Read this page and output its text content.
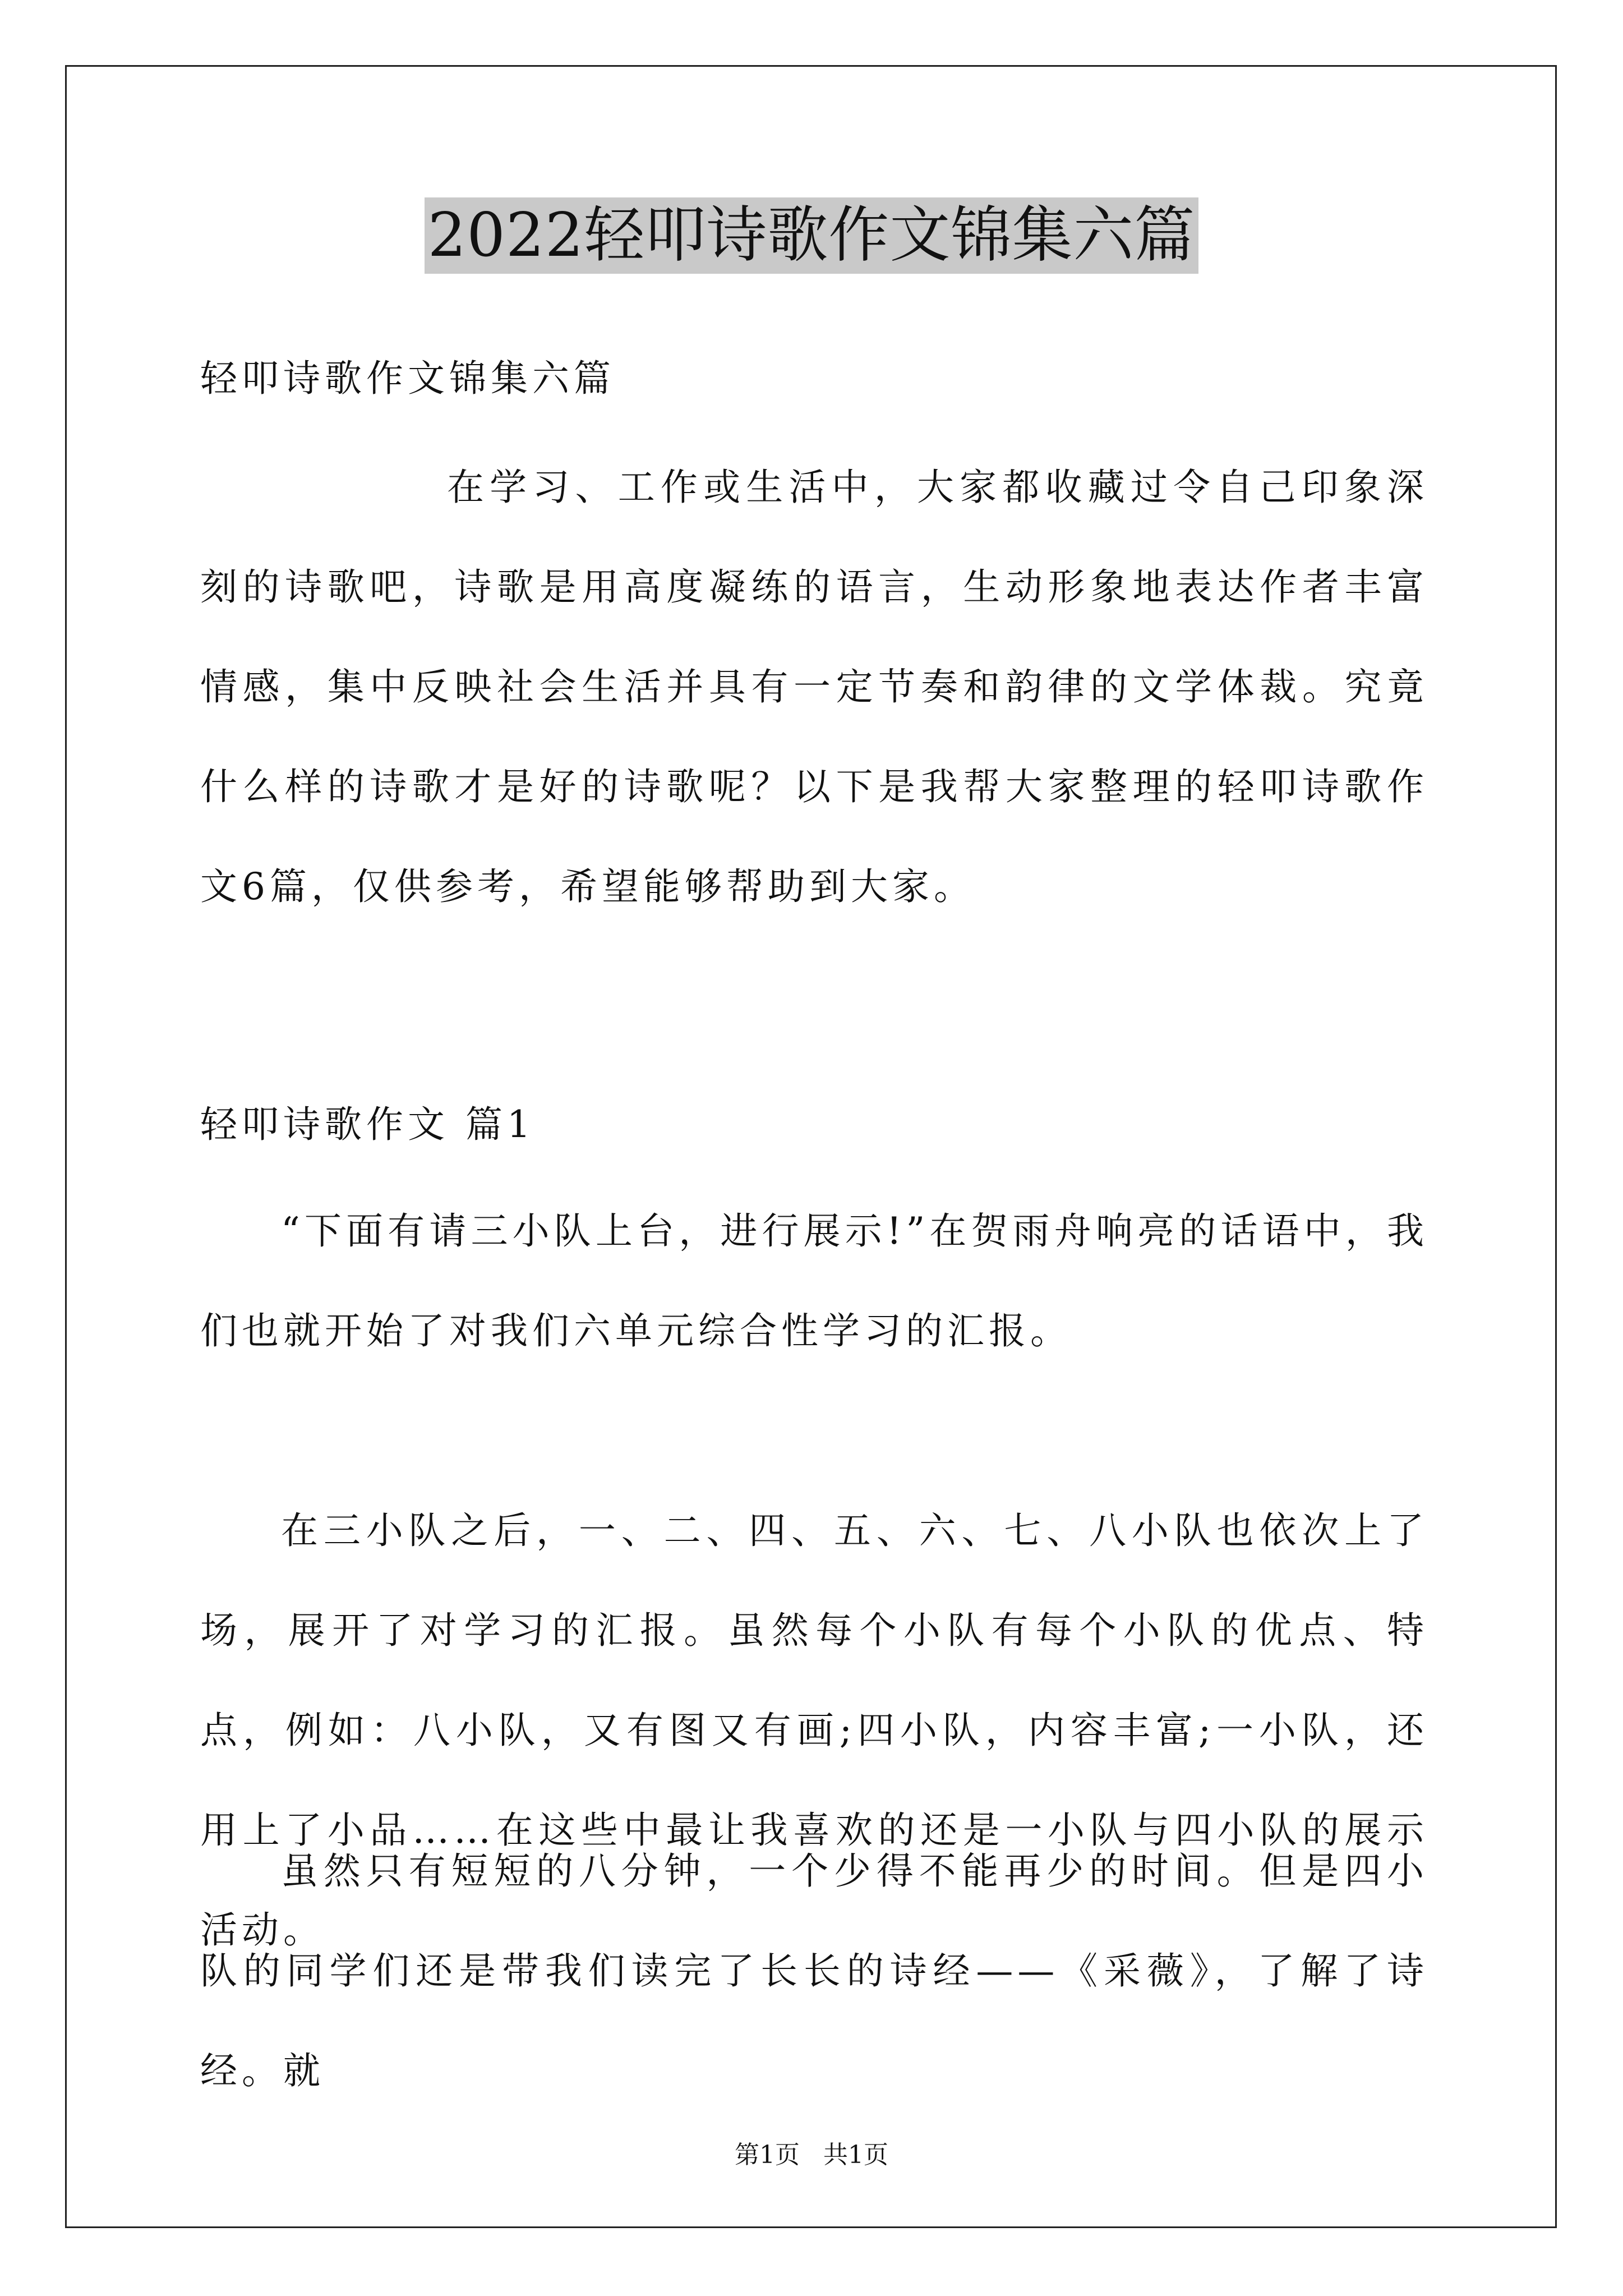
2022轻叩诗歌作文锦集六篇
轻叩诗歌作文锦集六篇

在学习、工作或生活中，大家都收藏过令自己印象深刻的诗歌吧，诗歌是用高度凝练的语言，生动形象地表达作者丰富情感，集中反映社会生活并具有一定节奏和韵律的文学体裁。究竟什么样的诗歌才是好的诗歌呢？以下是我帮大家整理的轻叩诗歌作文6篇，仅供参考，希望能够帮助到大家。

轻叩诗歌作文 篇1

“下面有请三小队上台，进行展示!”在贺雨舟响亮的话语中，我们也就开始了对我们六单元综合性学习的汇报。

在三小队之后，一、二、四、五、六、七、八小队也依次上了场，展开了对学习的汇报。虽然每个小队有每个小队的优点、特点，例如：八小队，又有图又有画;四小队，内容丰富;一小队，还用上了小品……在这些中最让我喜欢的还是一小队与四小队的展示活动。

虽然只有短短的八分钟，一个少得不能再少的时间。但是四小队的同学们还是带我们读完了长长的诗经——《采薇》，了解了诗经。就

第1页   共1页
